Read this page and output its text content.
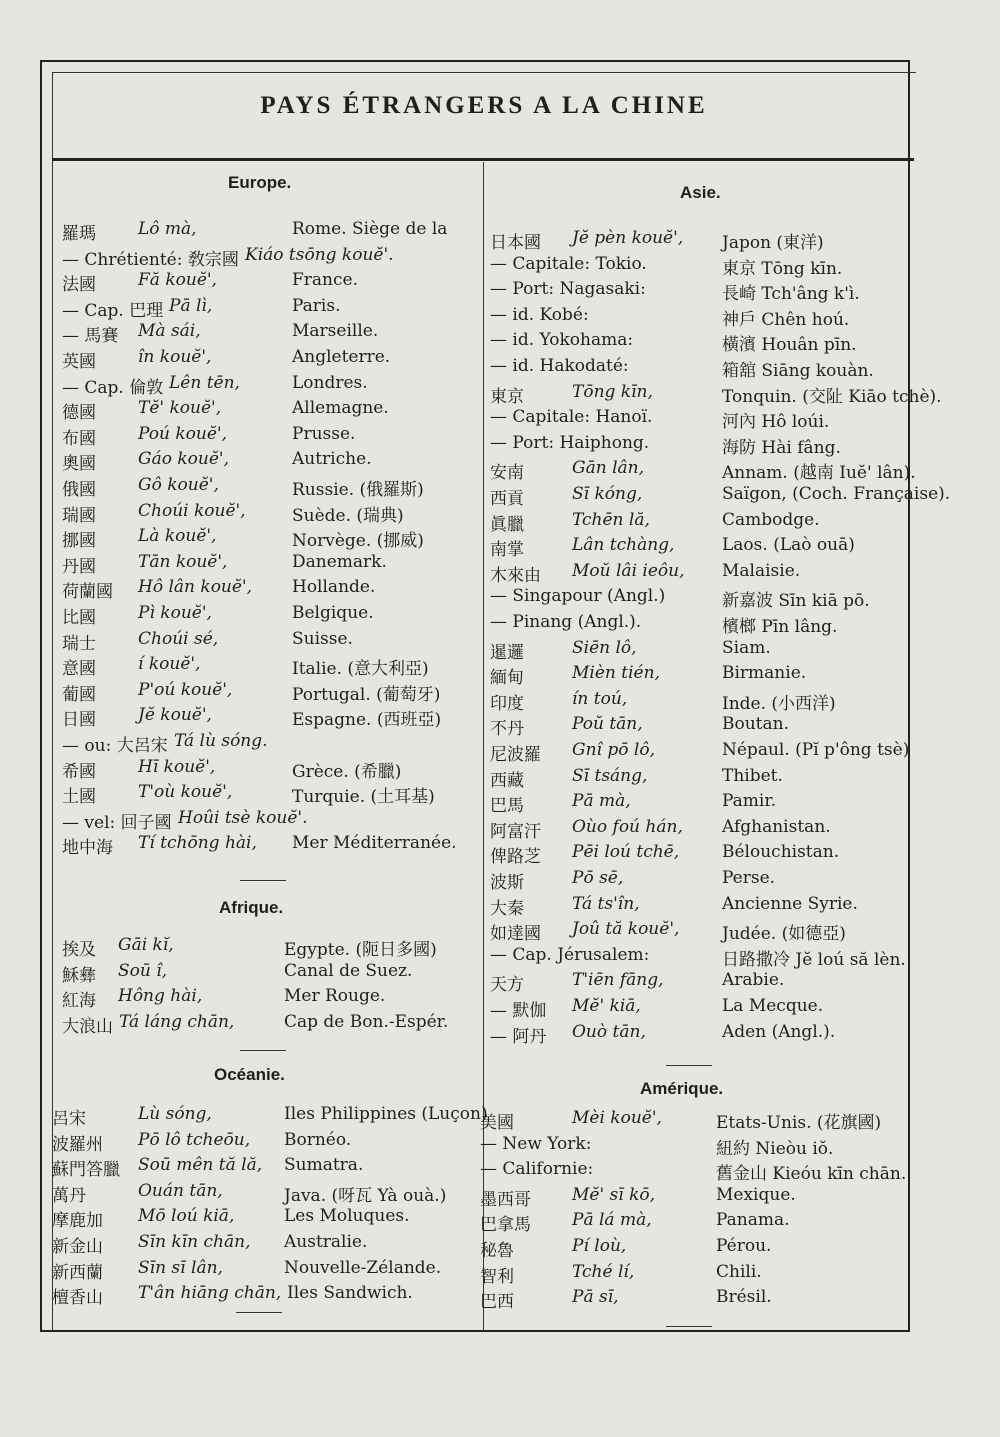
PAYS ÉTRANGERS A LA CHINE
Europe.
Asie.
Afrique.
Océanie.
Amérique.
羅瑪 Lô mà,	Rome. Siège de la
— Chrétienté: 敎宗國 Kiáo tsōng kouĕ'.
法國 Fă kouĕ',	France.
— Cap. 巴理 Pā lì,	Paris.
— 馬賽 Mà sái,	Marseille.
英國 în kouĕ',	Angleterre.
— Cap. 倫敦 Lên tēn,	Londres.
德國 Tĕ' kouĕ',	Allemagne.
布國 Poú kouĕ',	Prusse.
奧國 Gáo kouĕ',	Autriche.
俄國 Gô kouĕ',	Russie. (俄羅斯)
瑞國 Choúi kouĕ',	Suède. (瑞典)
挪國 Là kouĕ',	Norvège. (挪威)
丹國 Tān kouĕ',	Danemark.
荷蘭國 Hô lân kouĕ', Hollande.
比國 Pì kouĕ',	Belgique.
瑞士 Choúi sé,	Suisse.
意國 í kouĕ',	Italie. (意大利亞)
葡國 P'oú kouĕ',	Portugal. (葡萄牙)
日國 Jĕ kouĕ',	Espagne. (西班亞)
— ou: 大呂宋 Tá lù sóng.
希國 Hī kouĕ',	Grèce. (希臘)
土國 T'où kouĕ',	Turquie. (土耳基)
— vel: 回子國 Hoûi tsè kouĕ'.
地中海 Tí tchōng hài, Mer Méditerranée.
挨及 Gāi kĭ,	Egypte. (阨日多國)
穌彝 Soū î,	Canal de Suez.
紅海 Hông hài,	Mer Rouge.
大浪山 Tá láng chān,	Cap de Bon.-Espér.
呂宋	Lù sóng,	Iles Philippines (Luçon)
波羅州 Pō lô tcheōu, Bornéo.
蘇門答臘 Soū mên tă lă, Sumatra.
萬丹	Ouán tān,	Java. (呀瓦 Yà ouà.)
摩鹿加 Mō loú kiā,	Les Moluques.
新金山 Sīn kīn chān, Australie.
新西蘭 Sīn sī lân,	Nouvelle-Zélande.
檀香山 T'ân hiāng chān, Iles Sandwich.
日本國 Jĕ pèn kouĕ', Japon (東洋)
— Capitale: Tokio.	東京 Tōng kīn.
— Port: Nagasaki:	長崎 Tch'âng k'ì.
— id. Kobé:	神戶 Chên hoú.
— id. Yokohama:	橫濱 Houân pīn.
— id. Hakodaté:	箱舘 Siāng kouàn.
東京	Tōng kīn,	Tonquin. (交阯 Kiāo tchè).
— Capitale: Hanoï.	河內 Hô loúi.
— Port: Haiphong.	海防 Hài fâng.
安南	Gān lân,	Annam. (越南 Iuĕ' lân).
西貢	Sī kóng,	Saïgon, (Coch. Française).
眞臘	Tchēn lă,	Cambodge.
南掌	Lân tchàng,	Laos. (Laò ouā)
木來由 Moŭ lâi ieôu, Malaisie.
— Singapour (Angl.)	新嘉波 Sīn kiā pō.
— Pinang (Angl.).	檳榔 Pīn lâng.
暹邏	Siēn lô,	Siam.
緬甸	Mièn tién,	Birmanie.
印度	ín toú,	Inde. (小西洋)
不丹	Poŭ tān,	Boutan.
尼波羅 Gnî pō lô,	Népaul. (Pĭ p'ông tsè)
西藏	Sī tsáng,	Thibet.
巴馬	Pā mà,	Pamir.
阿富汗 Oùo foú hán, Afghanistan.
俾路芝 Pēi loú tchē,	Bélouchistan.
波斯	Pō sē,	Perse.
大秦	Tá ts'în,	Ancienne Syrie.
如達國 Joû tă kouĕ',	Judée. (如德亞)
— Cap. Jérusalem:	日路撒冷 Jĕ loú să lèn.
天方	T'iēn fāng,	Arabie.
— 默伽 Mĕ' kiā,	La Mecque.
— 阿丹 Ouò tān,	Aden (Angl.).
美國	Mèi kouĕ',	Etats-Unis. (花旗國)
— New York:	紐約 Nieòu iŏ.
— Californie:	舊金山 Kieóu kīn chān.
墨西哥 Mĕ' sī kō,	Mexique.
巴拿馬 Pā lá mà,	Panama.
秘魯	Pí loù,	Pérou.
智利	Tché lí,	Chili.
巴西	Pā sī,	Brésil.
